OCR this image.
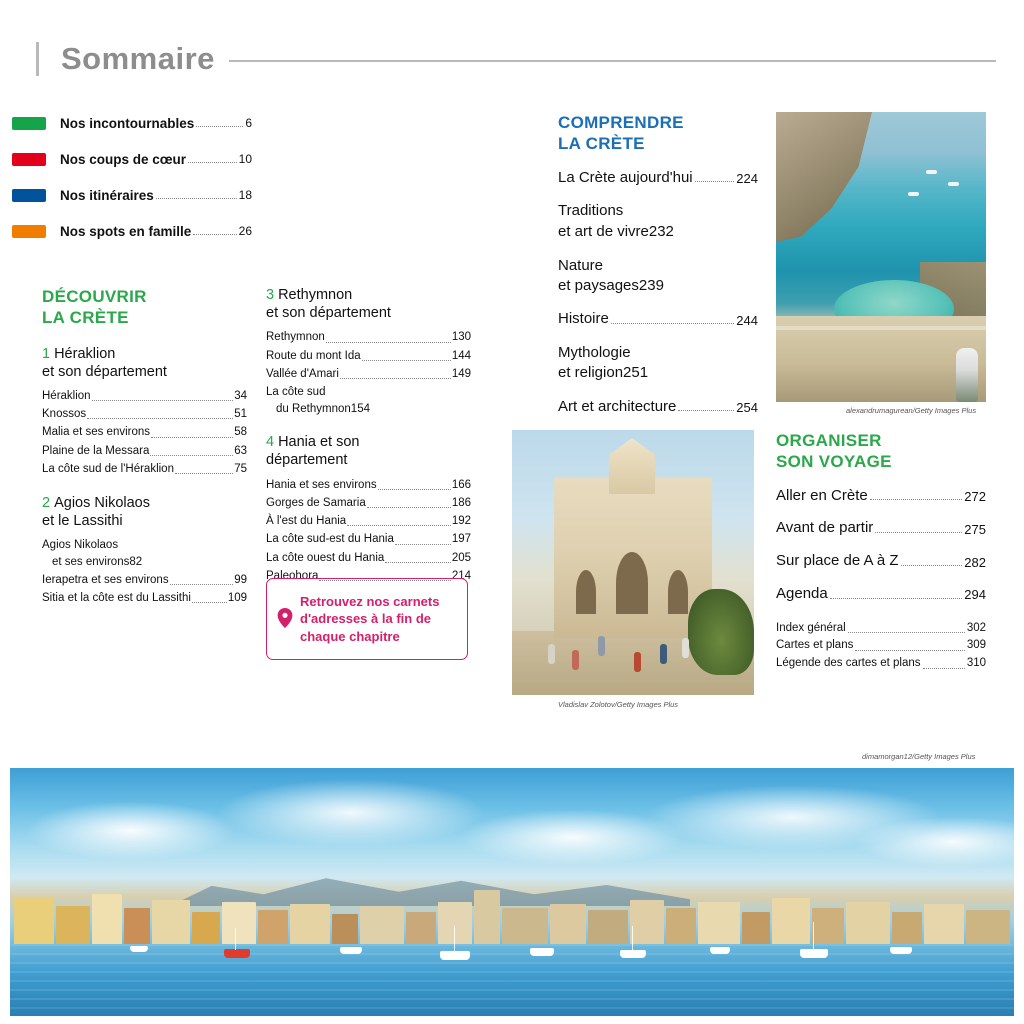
Sommaire
Nos incontournables	6
Nos coups de cœur	10
Nos itinéraires	18
Nos spots en famille	26
DÉCOUVRIR
LA CRÈTE
1 Héraklion
et son département
Héraklion	34
Knossos	51
Malia et ses environs	58
Plaine de la Messara	63
La côte sud de l'Héraklion	75
2 Agios Nikolaos
et le Lassithi
Agios Nikolaos
et ses environs 82
Ierapetra et ses environs	99
Sitia et la côte est du Lassithi	109
3 Rethymnon
et son département
Rethymnon	130
Route du mont Ida	144
Vallée d'Amari	149
La côte sud
du Rethymnon 154
4 Hania et son
département
Hania et ses environs	166
Gorges de Samaria	186
À l'est du Hania	192
La côte sud-est du Hania	197
La côte ouest du Hania	205
Paleohora	214
Retrouvez nos carnets
d'adresses à la fin de
chaque chapitre
COMPRENDRE
LA CRÈTE
La Crète aujourd'hui	224
Traditions
et art de vivre 232
Nature
et paysages 239
Histoire	244
Mythologie
et religion 251
Art et architecture	254
ORGANISER
SON VOYAGE
Aller en Crète	272
Avant de partir	275
Sur place de A à Z	282
Agenda	294
Index général	302
Cartes et plans	309
Légende des cartes et plans	310
alexandrumagurean/Getty Images Plus
Vladislav Zolotov/Getty Images Plus
dimamorgan12/Getty Images Plus
